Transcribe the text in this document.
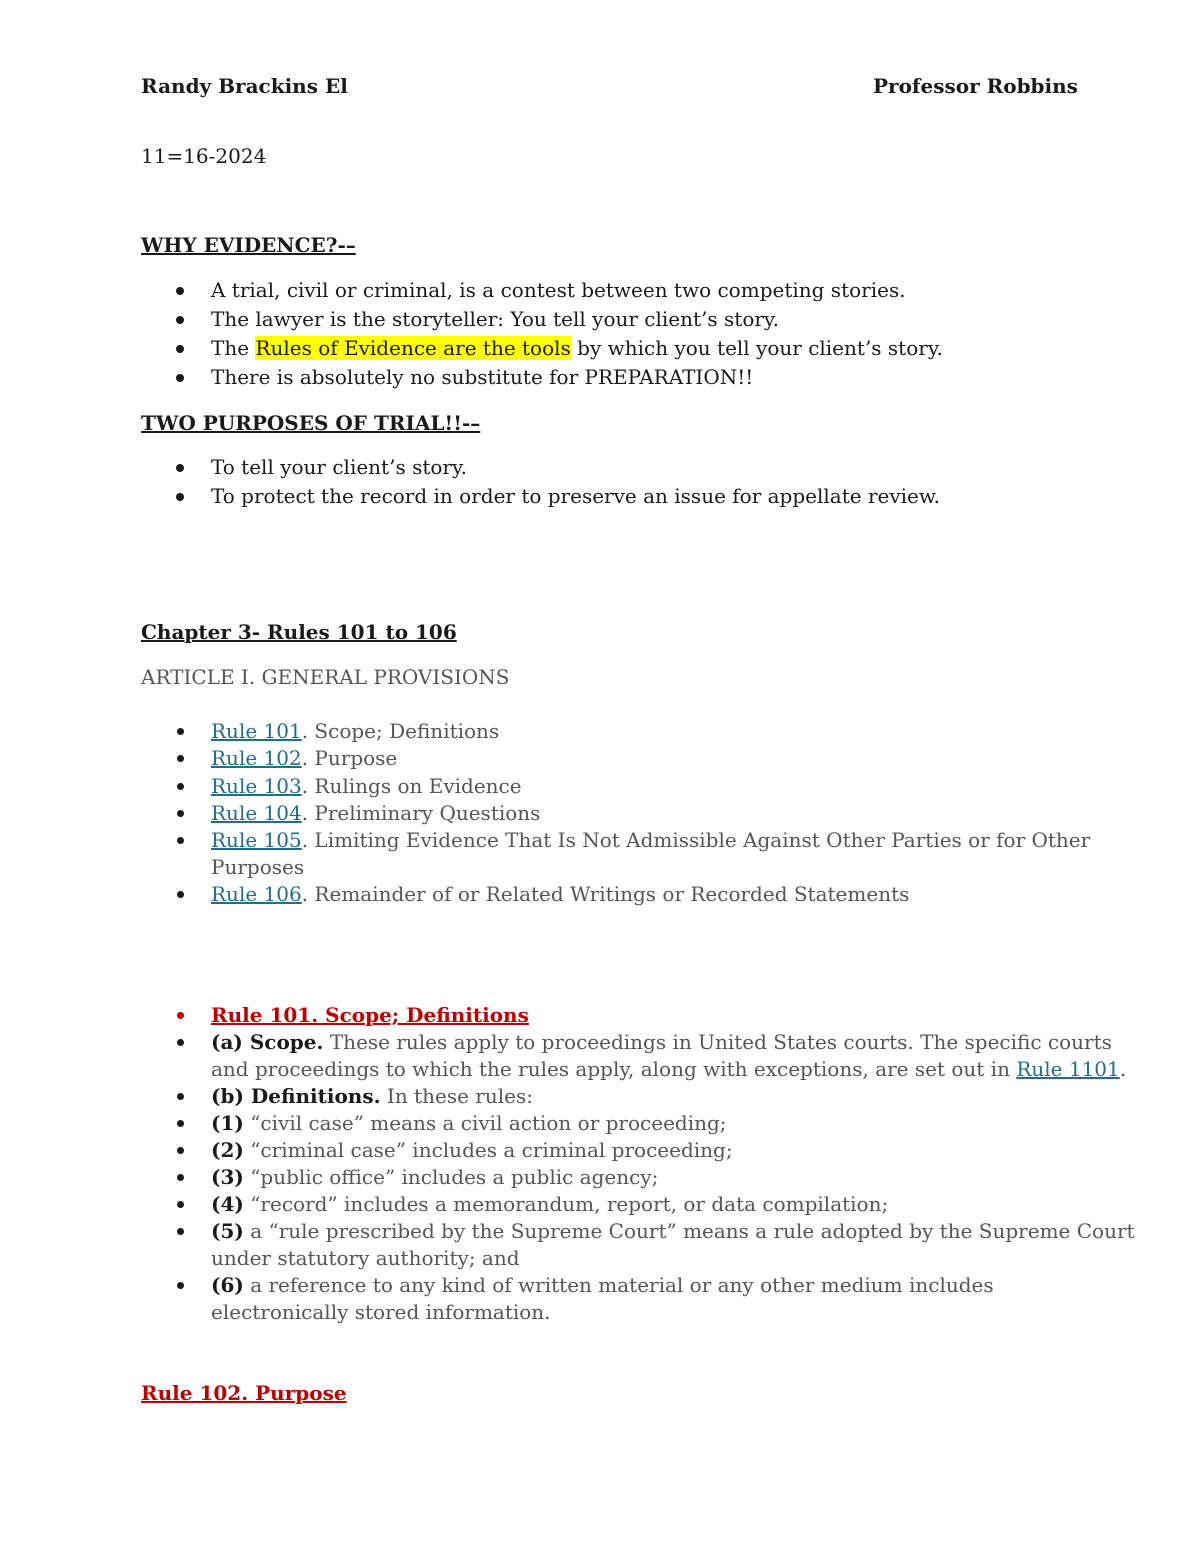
Randy Brackins El	Professor Robbins
11=16-2024
WHY EVIDENCE?-–
A trial, civil or criminal, is a contest between two competing stories.
The lawyer is the storyteller: You tell your client’s story.
The Rules of Evidence are the tools by which you tell your client’s story.
There is absolutely no substitute for PREPARATION!!
TWO PURPOSES OF TRIAL!!-–
To tell your client’s story.
To protect the record in order to preserve an issue for appellate review.
Chapter 3- Rules 101 to 106
ARTICLE I. GENERAL PROVISIONS
Rule 101. Scope; Definitions
Rule 102. Purpose
Rule 103. Rulings on Evidence
Rule 104. Preliminary Questions
Rule 105. Limiting Evidence That Is Not Admissible Against Other Parties or for Other
Purposes
Rule 106. Remainder of or Related Writings or Recorded Statements
Rule 101. Scope; Definitions
(a) Scope. These rules apply to proceedings in United States courts. The specific courts
and proceedings to which the rules apply, along with exceptions, are set out in Rule 1101.
(b) Definitions. In these rules:
(1) “civil case” means a civil action or proceeding;
(2) “criminal case” includes a criminal proceeding;
(3) “public office” includes a public agency;
(4) “record” includes a memorandum, report, or data compilation;
(5) a “rule prescribed by the Supreme Court” means a rule adopted by the Supreme Court
under statutory authority; and
(6) a reference to any kind of written material or any other medium includes
electronically stored information.
Rule 102. Purpose
